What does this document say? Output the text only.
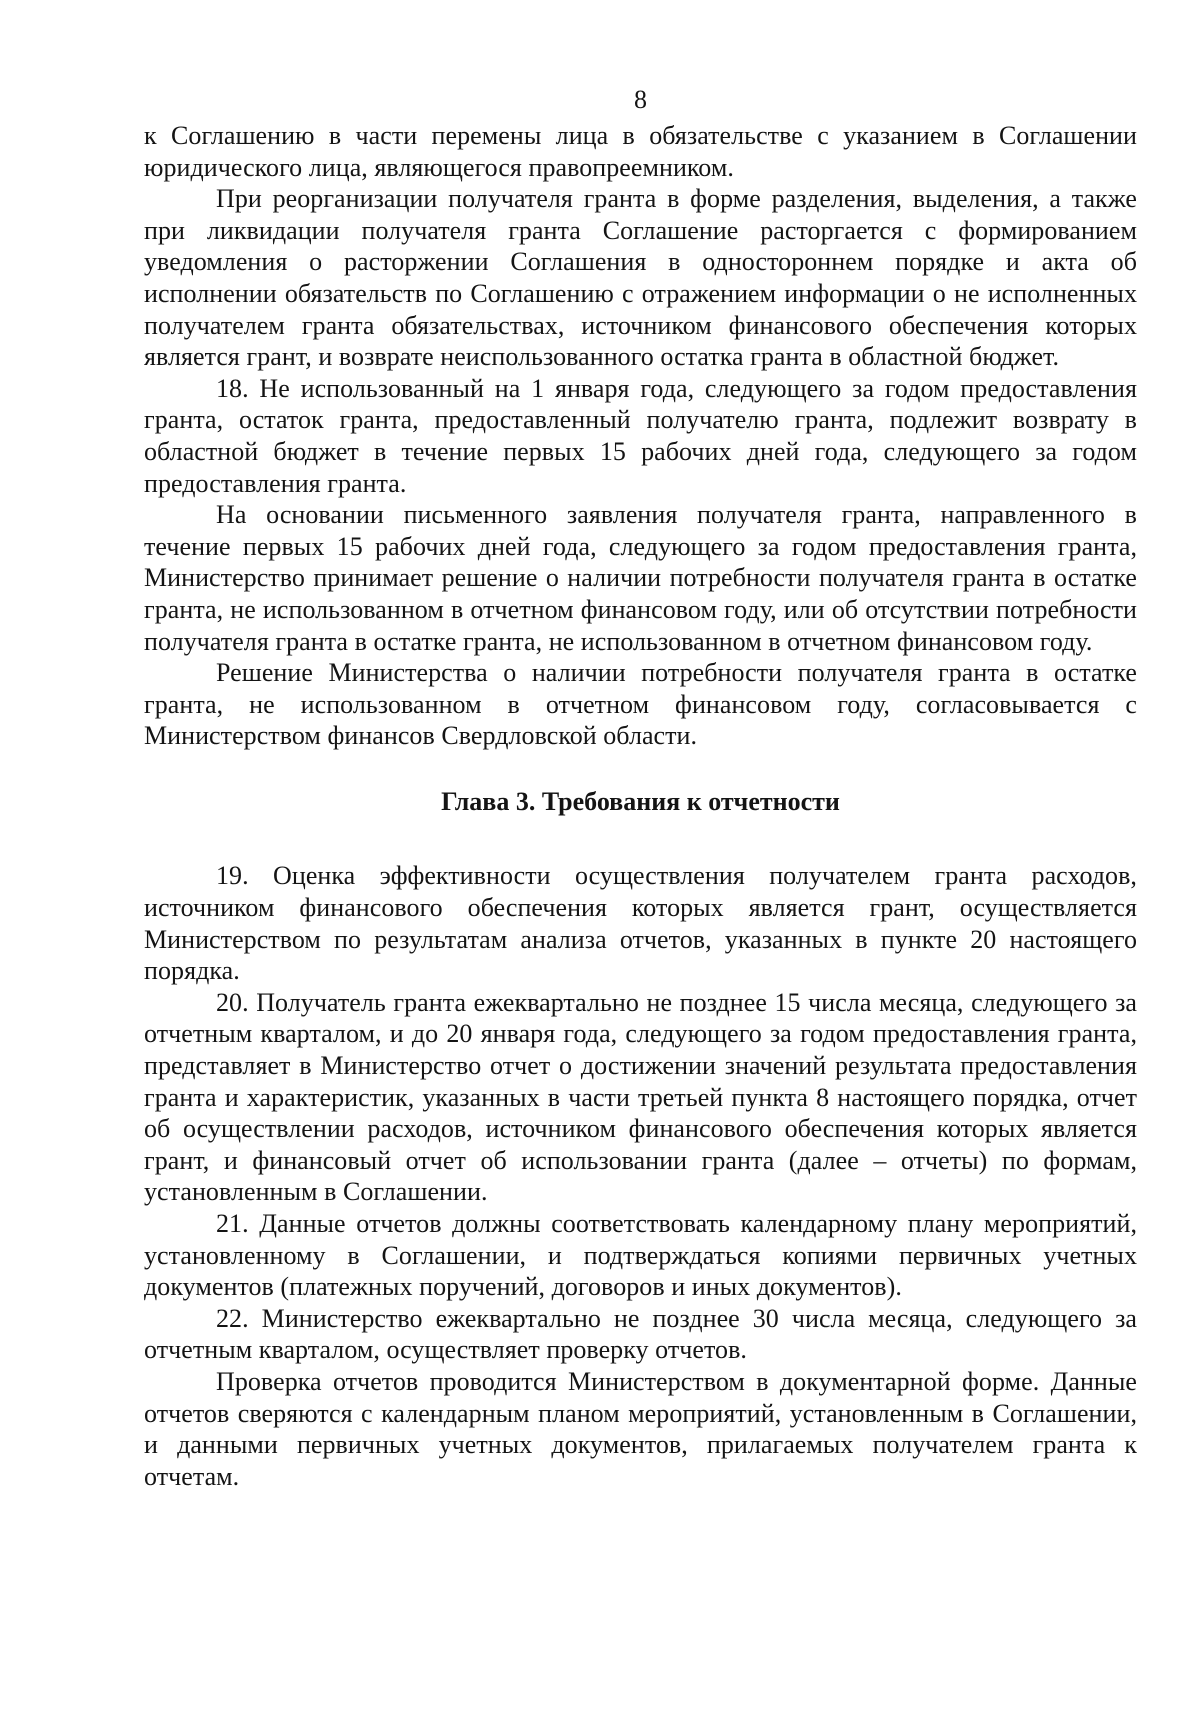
8

к Соглашению в части перемены лица в обязательстве с указанием в Соглашении юридического лица, являющегося правопреемником.

При реорганизации получателя гранта в форме разделения, выделения, а также при ликвидации получателя гранта Соглашение расторгается с формированием уведомления о расторжении Соглашения в одностороннем порядке и акта об исполнении обязательств по Соглашению с отражением информации о не исполненных получателем гранта обязательствах, источником финансового обеспечения которых является грант, и возврате неиспользованного остатка гранта в областной бюджет.

18. Не использованный на 1 января года, следующего за годом предоставления гранта, остаток гранта, предоставленный получателю гранта, подлежит возврату в областной бюджет в течение первых 15 рабочих дней года, следующего за годом предоставления гранта.

На основании письменного заявления получателя гранта, направленного в течение первых 15 рабочих дней года, следующего за годом предоставления гранта, Министерство принимает решение о наличии потребности получателя гранта в остатке гранта, не использованном в отчетном финансовом году, или об отсутствии потребности получателя гранта в остатке гранта, не использованном в отчетном финансовом году.

Решение Министерства о наличии потребности получателя гранта в остатке гранта, не использованном в отчетном финансовом году, согласовывается с Министерством финансов Свердловской области.

Глава 3. Требования к отчетности

19. Оценка эффективности осуществления получателем гранта расходов, источником финансового обеспечения которых является грант, осуществляется Министерством по результатам анализа отчетов, указанных в пункте 20 настоящего порядка.

20. Получатель гранта ежеквартально не позднее 15 числа месяца, следующего за отчетным кварталом, и до 20 января года, следующего за годом предоставления гранта, представляет в Министерство отчет о достижении значений результата предоставления гранта и характеристик, указанных в части третьей пункта 8 настоящего порядка, отчет об осуществлении расходов, источником финансового обеспечения которых является грант, и финансовый отчет об использовании гранта (далее – отчеты) по формам, установленным в Соглашении.

21. Данные отчетов должны соответствовать календарному плану мероприятий, установленному в Соглашении, и подтверждаться копиями первичных учетных документов (платежных поручений, договоров и иных документов).

22. Министерство ежеквартально не позднее 30 числа месяца, следующего за отчетным кварталом, осуществляет проверку отчетов.

Проверка отчетов проводится Министерством в документарной форме. Данные отчетов сверяются с календарным планом мероприятий, установленным в Соглашении, и данными первичных учетных документов, прилагаемых получателем гранта к отчетам.
